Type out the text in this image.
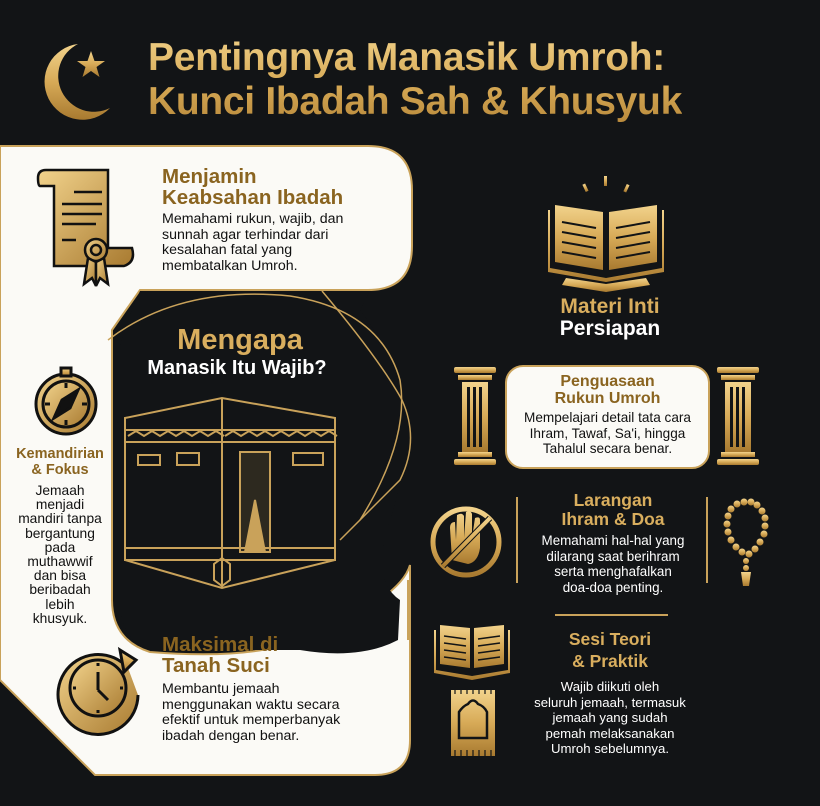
Pentingnya Manasik Umroh:
Kunci Ibadah Sah & Khusyuk
Menjamin
Keabsahan Ibadah
Memahami rukun, wajib, dan
sunnah agar terhindar dari
kesalahan fatal yang
membatalkan Umroh.
Mengapa
Manasik Itu Wajib?
Kemandirian
& Fokus
Jemaah
menjadi
mandiri tanpa
bergantung
pada
muthawwif
dan bisa
beribadah
lebih
khusyuk.
Maksimal di
Tanah Suci
Membantu jemaah
menggunakan waktu secara
efektif untuk memperbanyak
ibadah dengan benar.
Materi Inti
Persiapan
Penguasaan
Rukun Umroh
Mempelajari detail tata cara
Ihram, Tawaf, Sa'i, hingga
Tahalul secara benar.
Larangan
Ihram & Doa
Memahami hal-hal yang
dilarang saat berihram
serta menghafalkan
doa-doa penting.
Sesi Teori
& Praktik
Wajib diikuti oleh
seluruh jemaah, termasuk
jemaah yang sudah
pemah melaksanakan
Umroh sebelumnya.
